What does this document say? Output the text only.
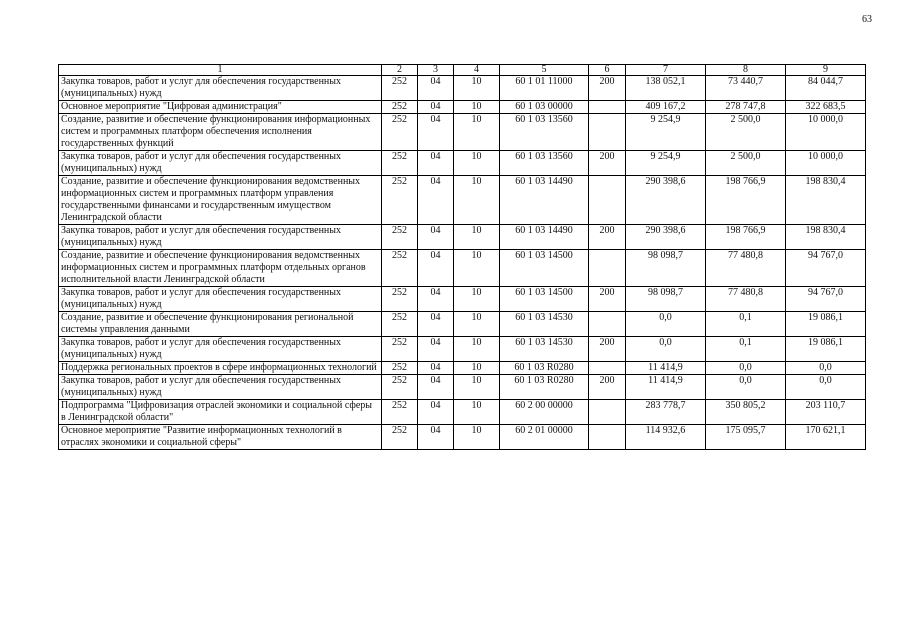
63
1	2	3	4	5	6	7	8	9
Закупка товаров, работ и услуг для обеспечения государственных (муниципальных) нужд	252	04	10	60 1 01 11000	200	138 052,1	73 440,7	84 044,7
Основное мероприятие "Цифровая администрация"	252	04	10	60 1 03 00000		409 167,2	278 747,8	322 683,5
Создание, развитие и обеспечение функционирования информационных систем и программных платформ обеспечения исполнения государственных функций	252	04	10	60 1 03 13560		9 254,9	2 500,0	10 000,0
Закупка товаров, работ и услуг для обеспечения государственных (муниципальных) нужд	252	04	10	60 1 03 13560	200	9 254,9	2 500,0	10 000,0
Создание, развитие и обеспечение функционирования ведомственных информационных систем и программных платформ управления государственными финансами и государственным имуществом Ленинградской области	252	04	10	60 1 03 14490		290 398,6	198 766,9	198 830,4
Закупка товаров, работ и услуг для обеспечения государственных (муниципальных) нужд	252	04	10	60 1 03 14490	200	290 398,6	198 766,9	198 830,4
Создание, развитие и обеспечение функционирования ведомственных информационных систем и программных платформ отдельных органов исполнительной власти Ленинградской области	252	04	10	60 1 03 14500		98 098,7	77 480,8	94 767,0
Закупка товаров, работ и услуг для обеспечения государственных (муниципальных) нужд	252	04	10	60 1 03 14500	200	98 098,7	77 480,8	94 767,0
Создание, развитие и обеспечение функционирования региональной системы управления данными	252	04	10	60 1 03 14530		0,0	0,1	19 086,1
Закупка товаров, работ и услуг для обеспечения государственных (муниципальных) нужд	252	04	10	60 1 03 14530	200	0,0	0,1	19 086,1
Поддержка региональных проектов в сфере информационных технологий	252	04	10	60 1 03 R0280		11 414,9	0,0	0,0
Закупка товаров, работ и услуг для обеспечения государственных (муниципальных) нужд	252	04	10	60 1 03 R0280	200	11 414,9	0,0	0,0
Подпрограмма "Цифровизация отраслей экономики и социальной сферы в Ленинградской области"	252	04	10	60 2 00 00000		283 778,7	350 805,2	203 110,7
Основное мероприятие "Развитие информационных технологий в отраслях экономики и социальной сферы"	252	04	10	60 2 01 00000		114 932,6	175 095,7	170 621,1
